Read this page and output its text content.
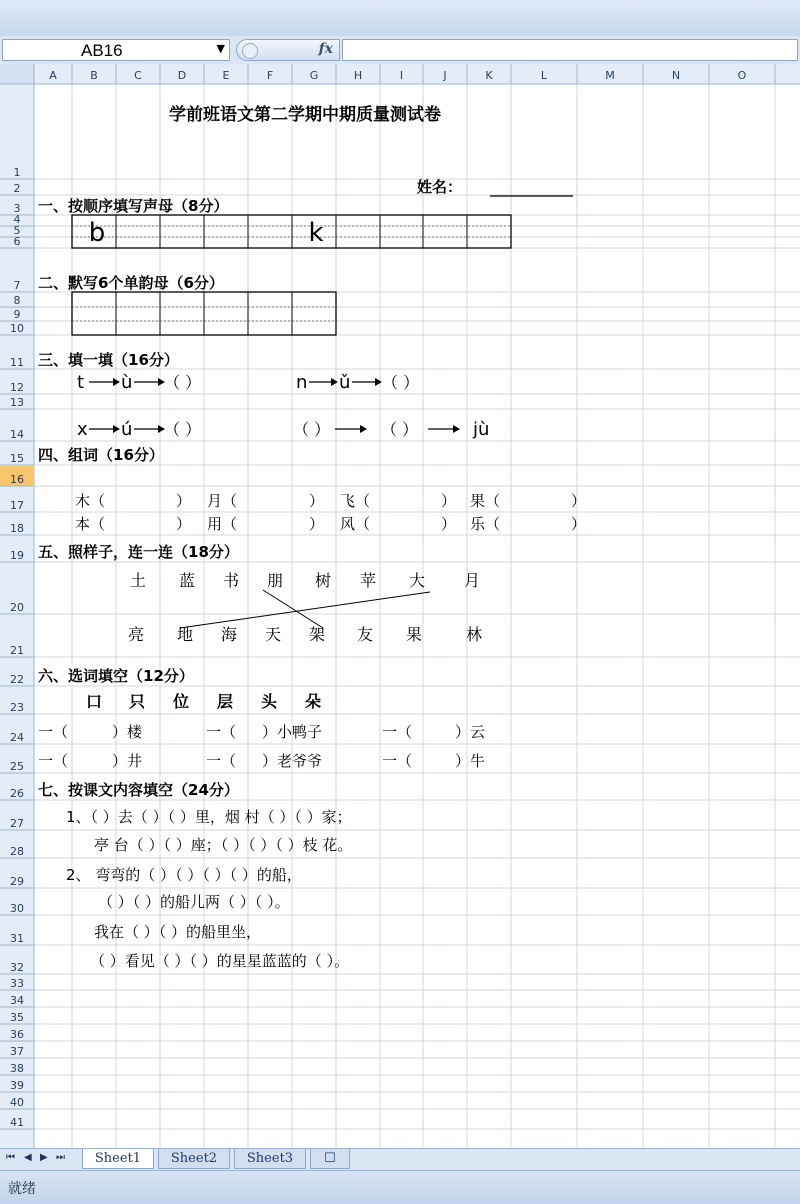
AB16	▼	fx
A	B	C	D	E	F	G	H	I	J	K	L	M	N	O
1
2
3
4
5
6
7
8
9
10
11
12
13
14
15
16
17
18
19
20
21
22
23
24
25
26
27
28
29
30
31
32
33
34
35
36
37
38
39
40
41
学前班语文第二学期中期质量测试卷
姓名：
一、按顺序填写声母（8分）
b	k
二、默写6个单韵母（6分）
三、填一填（16分）
t ù （ ）	n ǔ （ ）
x ú （ ）	（ ）	（ ）	jù
四、组词（16分）
木（	） 月（	） 飞（	） 果（	）
本（	） 用（	） 风（	） 乐（	）
五、照样子，连一连（18分）
土 蓝 书 朋 树 苹 大 月
亮 地 海 天 架 友 果	林
六、选词填空（12分）
口 只 位 层 头 朵
一（	）楼	一（ ）小鸭子	一（	）云
一（	）井	一（ ）老爷爷	一（	）牛
七、按课文内容填空（24分）
1、（ ）去（ ）（ ）里，烟 村（ ）（ ）家；
亭 台（ ）（ ）座；（ ）（ ）（ ）枝 花。
2、 弯弯的（ ）（ ）（ ）（ ）的船，
（ ）（ ）的船儿两（ ）（ ）。
我在（ ）（ ）的船里坐，
（ ）看见（ ）（ ）的星星蓝蓝的（ ）。
⏮ ◀ ▶ ⏭	Sheet1	Sheet2	Sheet3	☐
就绪
